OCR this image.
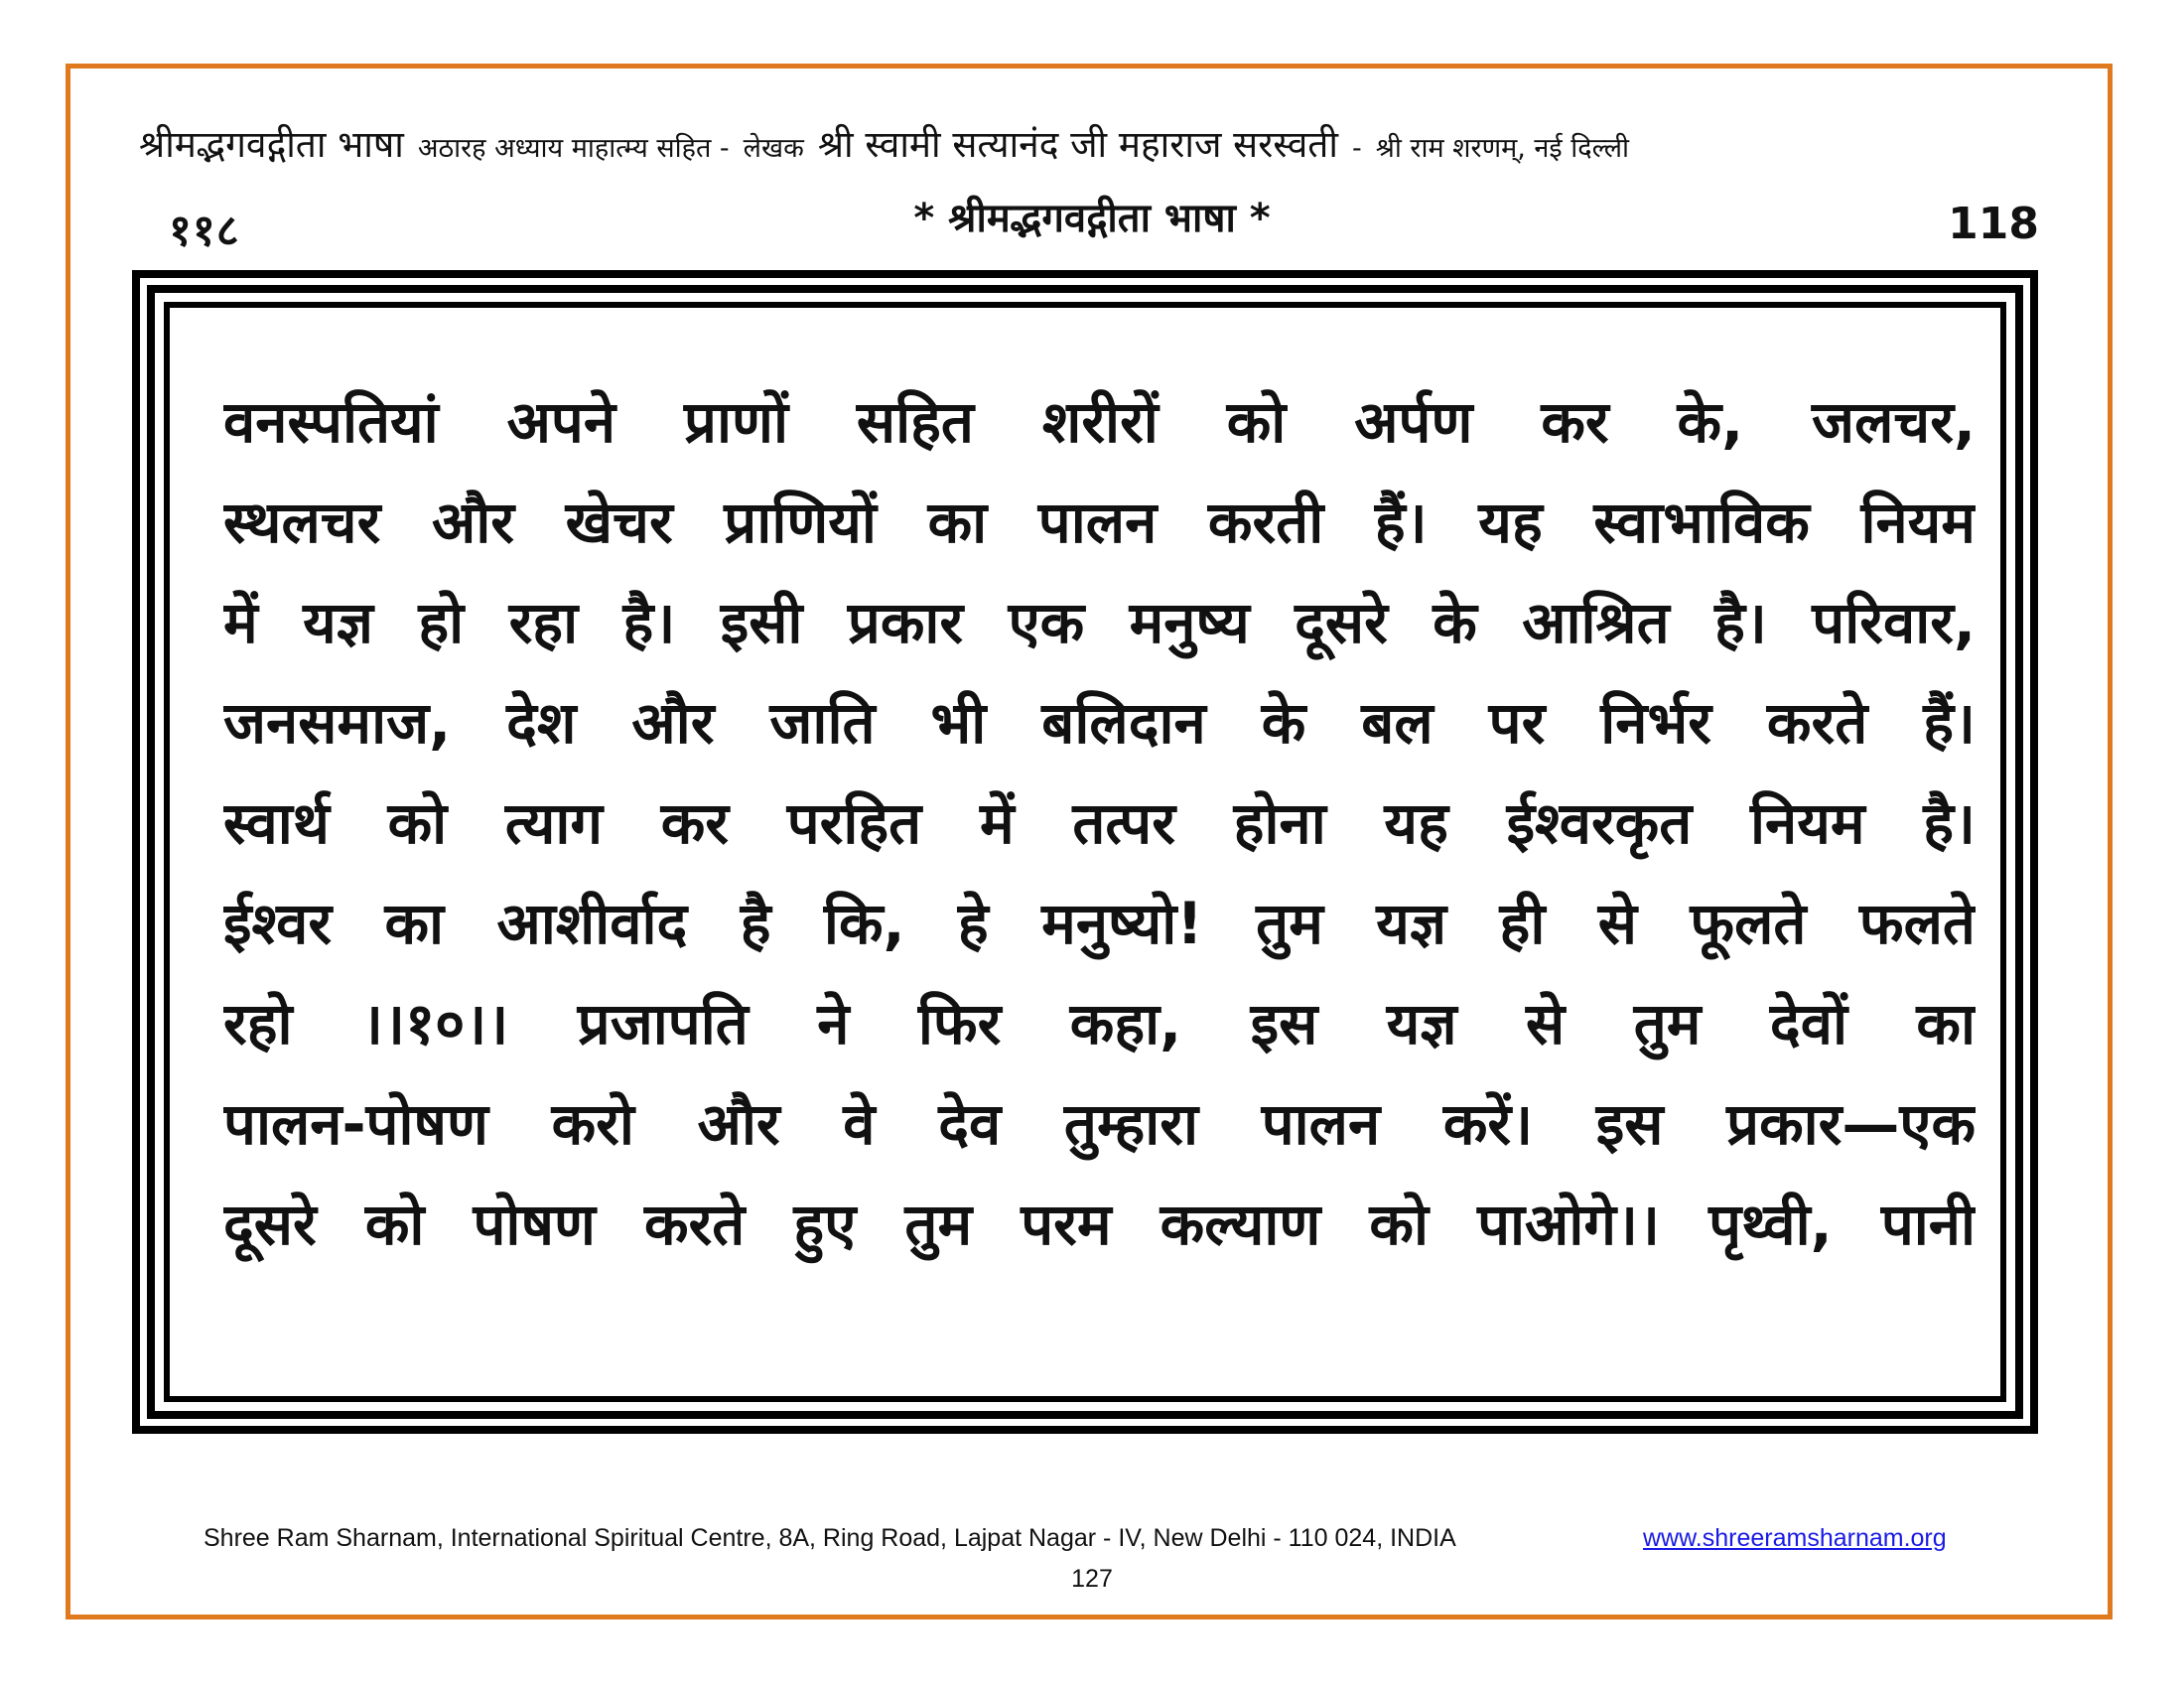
श्रीमद्भगवद्गीता भाषा अठारह अध्याय माहात्म्य सहित - लेखक श्री स्वामी सत्यानंद जी महाराज सरस्वती - श्री राम शरणम्, नई दिल्ली
११८	* श्रीमद्भगवद्गीता भाषा *	118
वनस्पतियां अपने प्राणों सहित शरीरों को अर्पण कर के, जलचर,
स्थलचर और खेचर प्राणियों का पालन करती हैं। यह स्वाभाविक नियम
में यज्ञ हो रहा है। इसी प्रकार एक मनुष्य दूसरे के आश्रित है। परिवार,
जनसमाज, देश और जाति भी बलिदान के बल पर निर्भर करते हैं।
स्वार्थ को त्याग कर परहित में तत्पर होना यह ईश्वरकृत नियम है।
ईश्वर का आशीर्वाद है कि, हे मनुष्यो! तुम यज्ञ ही से फूलते फलते
रहो ।।१०।। प्रजापति ने फिर कहा, इस यज्ञ से तुम देवों का
पालन-पोषण करो और वे देव तुम्हारा पालन करें। इस प्रकार—एक
दूसरे को पोषण करते हुए तुम परम कल्याण को पाओगे।। पृथ्वी, पानी
Shree Ram Sharnam, International Spiritual Centre, 8A, Ring Road, Lajpat Nagar - IV, New Delhi - 110 024, INDIA	www.shreeramsharnam.org
127
